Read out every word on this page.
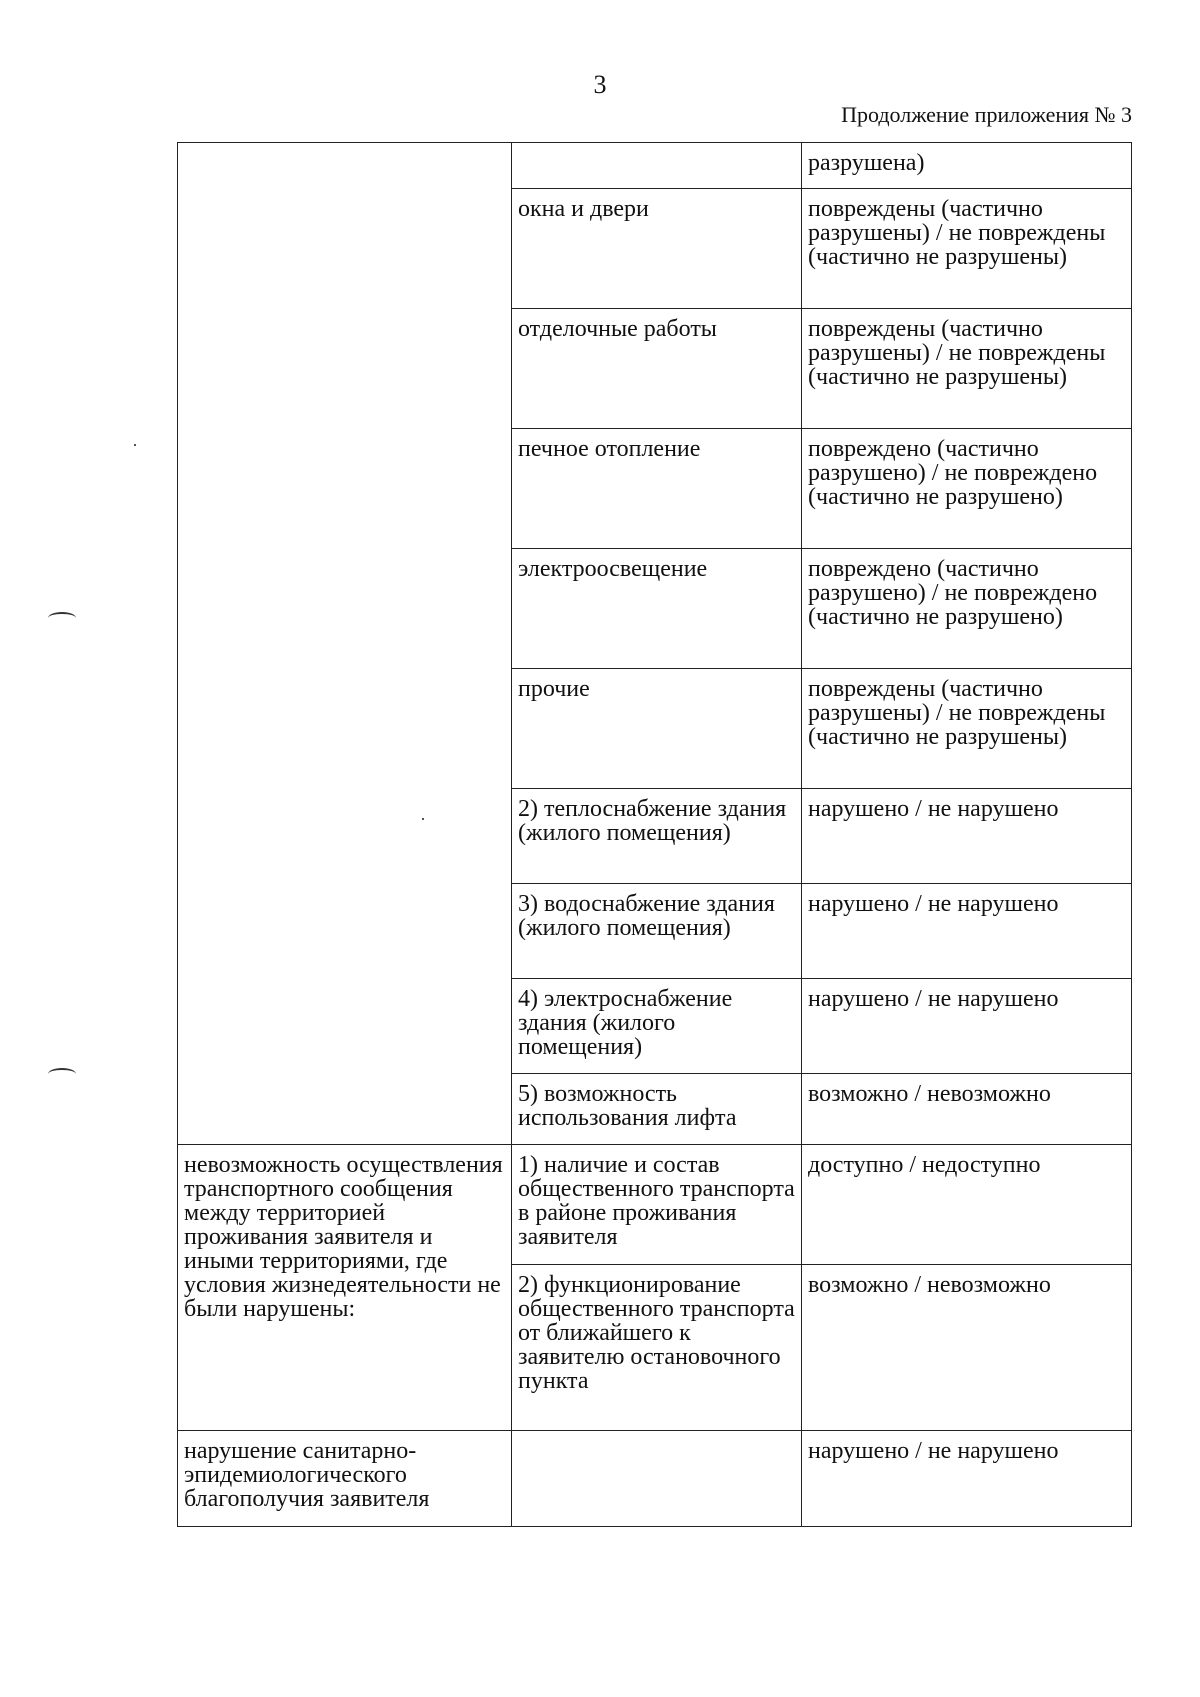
3
Продолжение приложения № 3
		разрушена)
	окна и двери	повреждены (частично разрушены) / не повреждены (частично не разрушены)
	отделочные работы	повреждены (частично разрушены) / не повреждены (частично не разрушены)
	печное отопление	повреждено (частично разрушено) / не повреждено (частично не разрушено)
	электроосвещение	повреждено (частично разрушено) / не повреждено (частично не разрушено)
	прочие	повреждены (частично разрушены) / не повреждены (частично не разрушены)
	2) теплоснабжение здания (жилого помещения)	нарушено / не нарушено
	3) водоснабжение здания (жилого помещения)	нарушено / не нарушено
	4) электроснабжение здания (жилого помещения)	нарушено / не нарушено
	5) возможность использования лифта	возможно / невозможно
невозможность осуществления транспортного сообщения между территорией проживания заявителя и иными территориями, где условия жизнедеятельности не были нарушены:	1) наличие и состав общественного транспорта в районе проживания заявителя	доступно / недоступно
	2) функционирование общественного транспорта от ближайшего к заявителю остановочного пункта	возможно / невозможно
нарушение санитарно-эпидемиологического благополучия заявителя		нарушено / не нарушено
